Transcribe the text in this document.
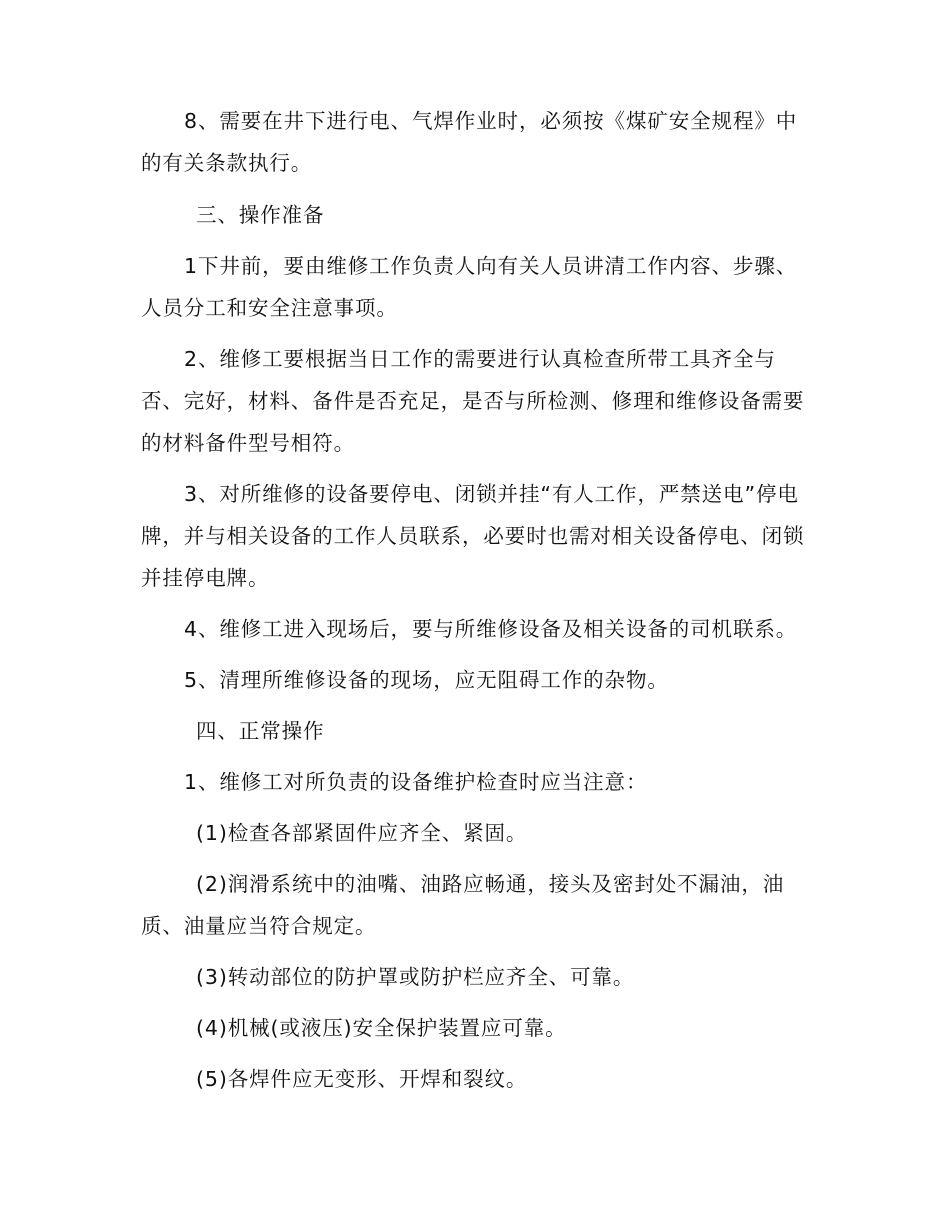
8、需要在井下进行电、气焊作业时，必须按《煤矿安全规程》中的有关条款执行。

三、操作准备

1下井前，要由维修工作负责人向有关人员讲清工作内容、步骤、人员分工和安全注意事项。

2、维修工要根据当日工作的需要进行认真检查所带工具齐全与否、完好，材料、备件是否充足，是否与所检测、修理和维修设备需要的材料备件型号相符。

3、对所维修的设备要停电、闭锁并挂“有人工作，严禁送电”停电牌，并与相关设备的工作人员联系，必要时也需对相关设备停电、闭锁并挂停电牌。

4、维修工进入现场后，要与所维修设备及相关设备的司机联系。

5、清理所维修设备的现场，应无阻碍工作的杂物。

四、正常操作

1、维修工对所负责的设备维护检查时应当注意：

(1)检查各部紧固件应齐全、紧固。

(2)润滑系统中的油嘴、油路应畅通，接头及密封处不漏油，油质、油量应当符合规定。

(3)转动部位的防护罩或防护栏应齐全、可靠。

(4)机械(或液压)安全保护装置应可靠。

(5)各焊件应无变形、开焊和裂纹。
